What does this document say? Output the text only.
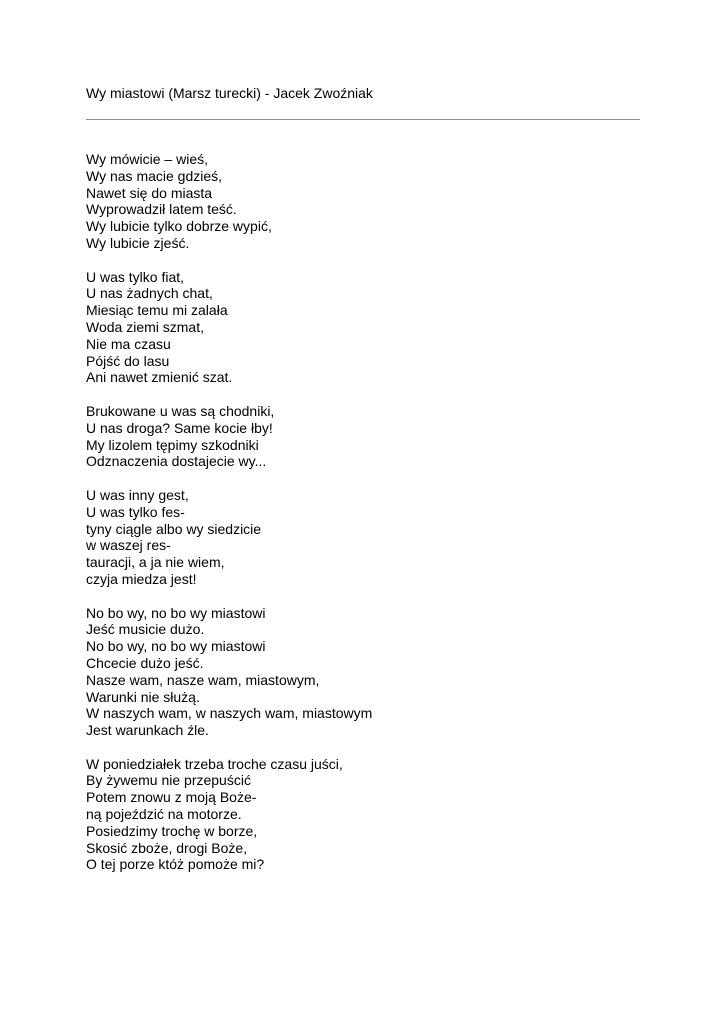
Wy miastowi (Marsz turecki) - Jacek Zwoźniak
Wy mówicie – wieś,
Wy nas macie gdzieś,
Nawet się do miasta
Wyprowadził latem teść.
Wy lubicie tylko dobrze wypić,
Wy lubicie zjeść.
U was tylko fiat,
U nas żadnych chat,
Miesiąc temu mi zalała
Woda ziemi szmat,
Nie ma czasu
Pójść do lasu
Ani nawet zmienić szat.
Brukowane u was są chodniki,
U nas droga? Same kocie łby!
My lizolem tępimy szkodniki
Odznaczenia dostajecie wy...
U was inny gest,
U was tylko fes-
tyny ciągle albo wy siedzicie
w waszej res-
tauracji, a ja nie wiem,
czyja miedza jest!
No bo wy, no bo wy miastowi
Jeść musicie dużo.
No bo wy, no bo wy miastowi
Chcecie dużo jeść.
Nasze wam, nasze wam, miastowym,
Warunki nie służą.
W naszych wam, w naszych wam, miastowym
Jest warunkach źle.
W poniedziałek trzeba troche czasu juści,
By żywemu nie przepuścić
Potem znowu z moją Boże-
ną pojeździć na motorze.
Posiedzimy trochę w borze,
Skosić zboże, drogi Boże,
O tej porze któż pomoże mi?
